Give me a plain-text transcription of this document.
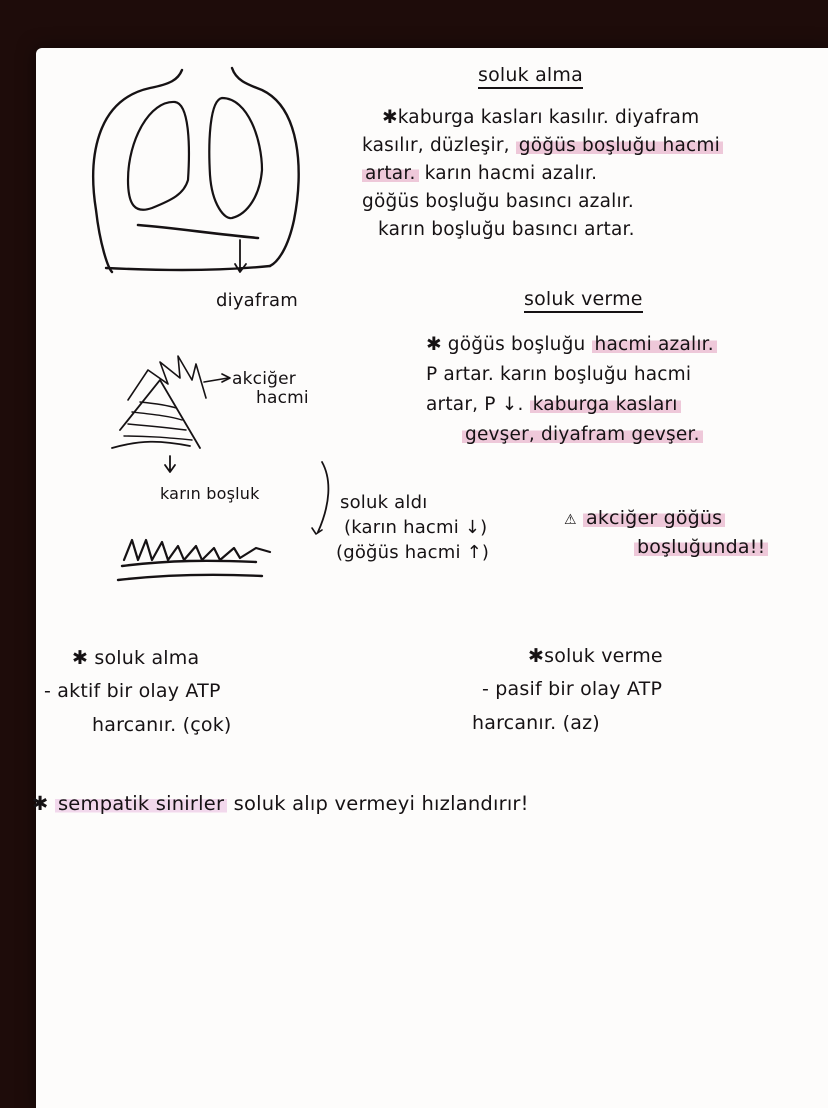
diyafram
akciğer
hacmi
karın boşluk	soluk aldı
(karın hacmi ↓)
(göğüs hacmi ↑)
soluk alma
✱kaburga kasları kasılır. diyafram
kasılır, düzleşir, göğüs boşluğu hacmi
artar. karın hacmi azalır.
göğüs boşluğu basıncı azalır.
karın boşluğu basıncı artar.
soluk verme
✱ göğüs boşluğu hacmi azalır.
P artar. karın boşluğu hacmi
artar, P ↓. kaburga kasları
gevşer, diyafram gevşer.
⚠ akciğer göğüs
boşluğunda!!
✱ soluk alma
- aktif bir olay ATP
harcanır. (çok)
✱soluk verme
- pasif bir olay ATP
harcanır. (az)
✱ sempatik sinirler soluk alıp vermeyi hızlandırır!
